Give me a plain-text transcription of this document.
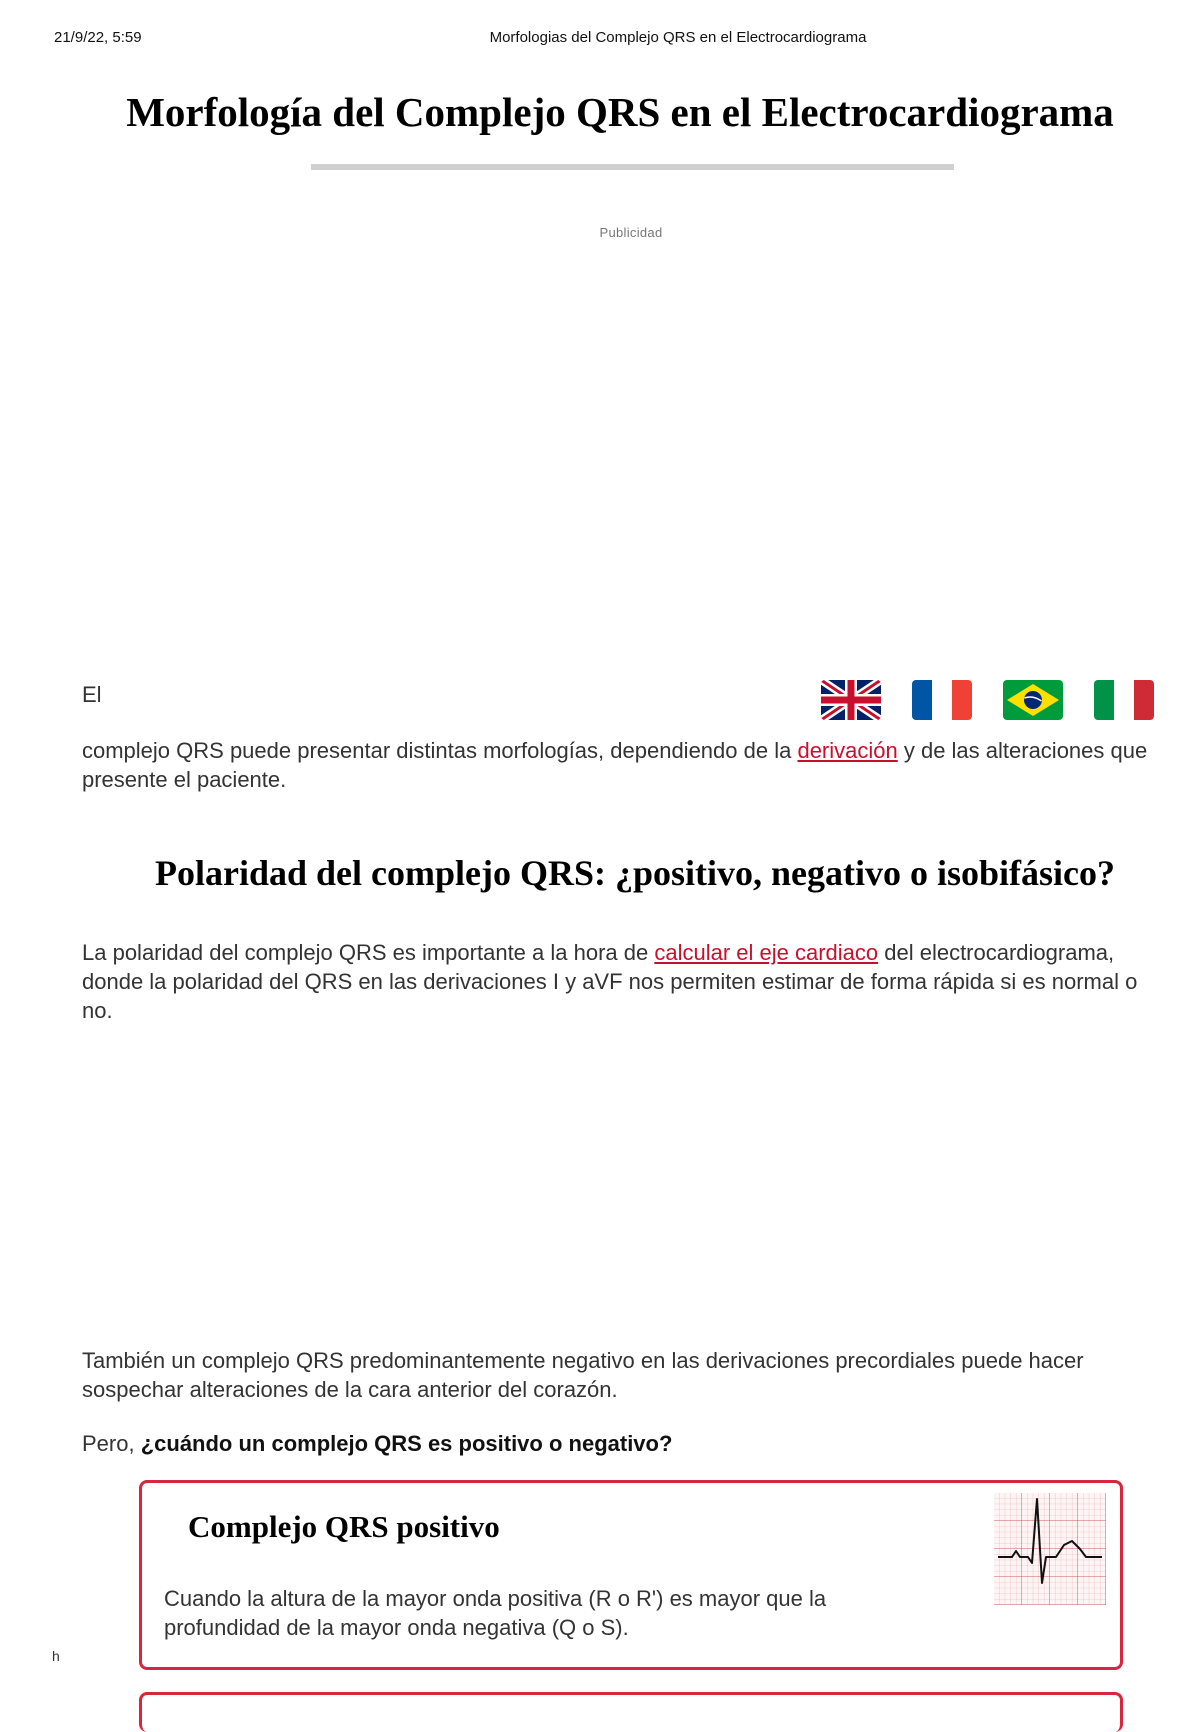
21/9/22, 5:59	Morfologias del Complejo QRS en el Electrocardiograma
Morfología del Complejo QRS en el Electrocardiograma
Publicidad
El
complejo QRS puede presentar distintas morfologías, dependiendo de la derivación y de las alteraciones que presente el paciente.
Polaridad del complejo QRS: ¿positivo, negativo o isobifásico?
La polaridad del complejo QRS es importante a la hora de calcular el eje cardiaco del electrocardiograma, donde la polaridad del QRS en las derivaciones I y aVF nos permiten estimar de forma rápida si es normal o no.
También un complejo QRS predominantemente negativo en las derivaciones precordiales puede hacer sospechar alteraciones de la cara anterior del corazón.
Pero, ¿cuándo un complejo QRS es positivo o negativo?
Complejo QRS positivo

Cuando la altura de la mayor onda positiva (R o R') es mayor que la profundidad de la mayor onda negativa (Q o S).

h
